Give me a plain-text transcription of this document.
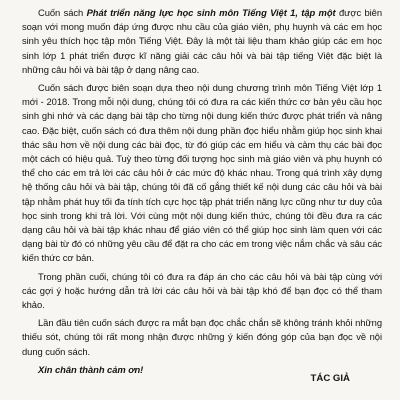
Cuốn sách Phát triển năng lực học sinh môn Tiếng Việt 1, tập một được biên soạn với mong muốn đáp ứng được nhu cầu của giáo viên, phụ huynh và các em học sinh yêu thích học tập môn Tiếng Việt. Đây là một tài liệu tham khảo giúp các em học sinh lớp 1 phát triển được kĩ năng giải các câu hỏi và bài tập tiếng Việt đặc biệt là những câu hỏi và bài tập ở dạng nâng cao.

Cuốn sách được biên soạn dựa theo nội dung chương trình môn Tiếng Việt lớp 1 mới - 2018. Trong mỗi nội dung, chúng tôi có đưa ra các kiến thức cơ bản yêu cầu học sinh ghi nhớ và các dạng bài tập cho từng nội dung kiến thức được phát triển và nâng cao. Đặc biệt, cuốn sách có đưa thêm nội dung phần đọc hiểu nhằm giúp học sinh khai thác sâu hơn về nội dung các bài đọc, từ đó giúp các em hiểu và cảm thụ các bài đọc một cách có hiệu quả. Tuỳ theo từng đối tượng học sinh mà giáo viên và phụ huynh có thể cho các em trả lời các câu hỏi ở các mức độ khác nhau. Trong quá trình xây dựng hệ thống câu hỏi và bài tập, chúng tôi đã cố gắng thiết kế nội dung các câu hỏi và bài tập nhằm phát huy tối đa tính tích cực học tập phát triển năng lực cũng như tư duy của học sinh trong khi trả lời. Với cùng một nội dung kiến thức, chúng tôi đều đưa ra các dạng câu hỏi và bài tập khác nhau để giáo viên có thể giúp học sinh làm quen với các dạng bài từ đó có những yêu cầu để đặt ra cho các em trong việc nắm chắc và sâu các kiến thức cơ bản.

Trong phần cuối, chúng tôi có đưa ra đáp án cho các câu hỏi và bài tập cùng với các gợi ý hoặc hướng dẫn trả lời các câu hỏi và bài tập khó để bạn đọc có thể tham khảo.

Lần đầu tiên cuốn sách được ra mắt bạn đọc chắc chắn sẽ không tránh khỏi những thiếu sót, chúng tôi rất mong nhận được những ý kiến đóng góp của bạn đọc về nội dung cuốn sách.

Xin chân thành cảm ơn!

TÁC GIẢ
